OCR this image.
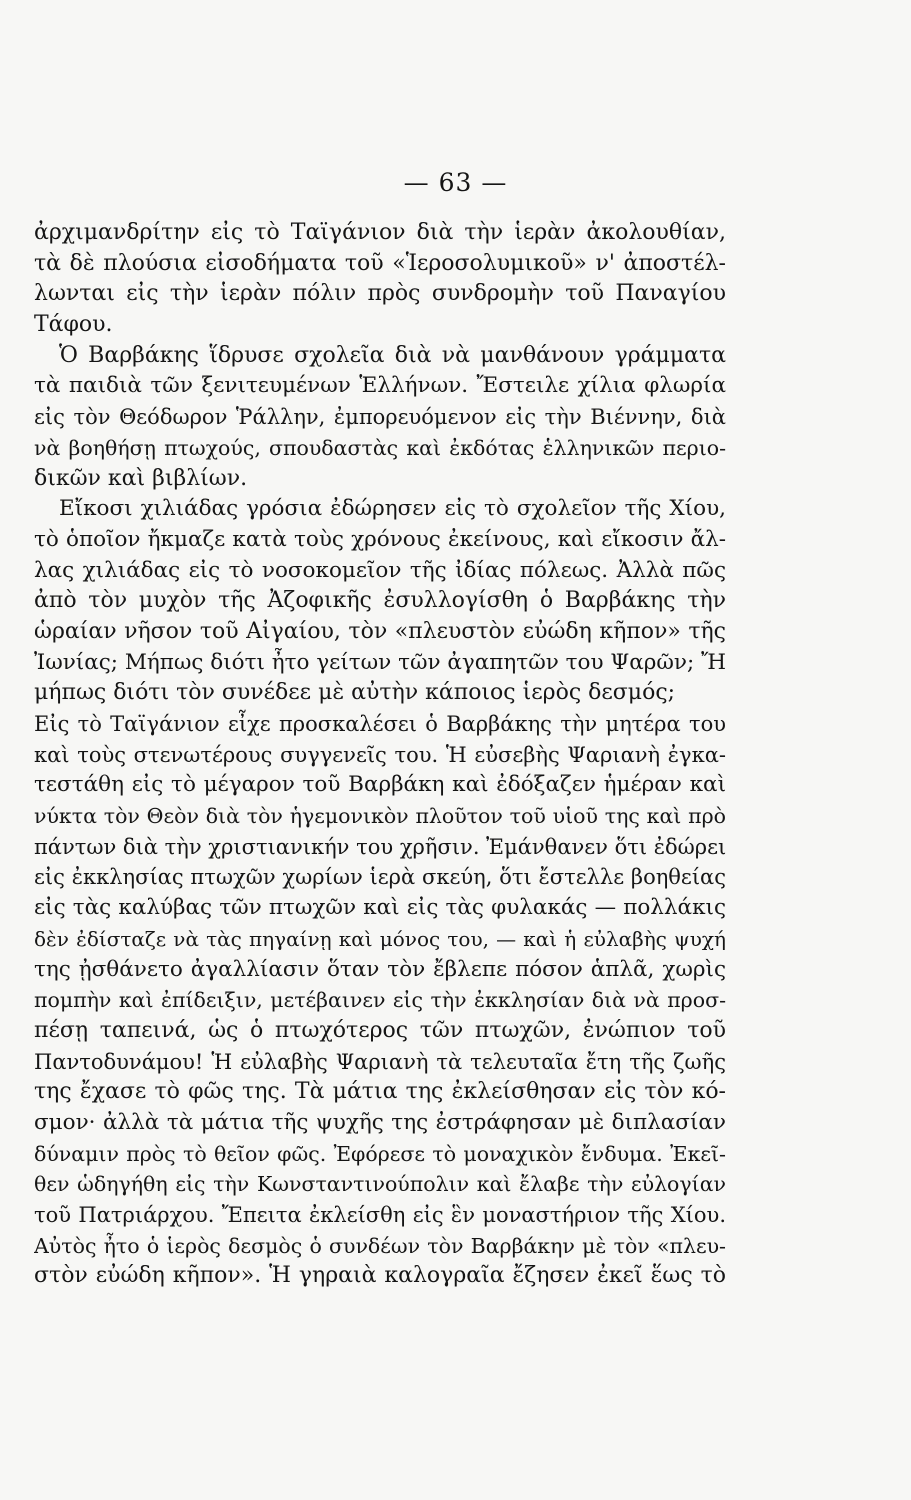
— 63 —
ἀρχιμανδρίτην εἰς τὸ Ταϊγάνιον διὰ τὴν ἱερὰν ἀκολουθίαν,
τὰ δὲ πλούσια εἰσοδήματα τοῦ «Ἱεροσολυμικοῦ» ν' ἀποστέλ-
λωνται εἰς τὴν ἱερὰν πόλιν πρὸς συνδρομὴν τοῦ Παναγίου
Τάφου.
Ὁ Βαρβάκης ἵδρυσε σχολεῖα διὰ νὰ μανθάνουν γράμματα
τὰ παιδιὰ τῶν ξενιτευμένων Ἑλλήνων. Ἔστειλε χίλια φλωρία
εἰς τὸν Θεόδωρον Ῥάλλην, ἐμπορευόμενον εἰς τὴν Βιέννην, διὰ
νὰ βοηθήσῃ πτωχούς, σπουδαστὰς καὶ ἐκδότας ἑλληνικῶν περιο-
δικῶν καὶ βιβλίων.
Εἴκοσι χιλιάδας γρόσια ἐδώρησεν εἰς τὸ σχολεῖον τῆς Χίου,
τὸ ὁποῖον ἤκμαζε κατὰ τοὺς χρόνους ἐκείνους, καὶ εἴκοσιν ἄλ-
λας χιλιάδας εἰς τὸ νοσοκομεῖον τῆς ἰδίας πόλεως. Ἀλλὰ πῶς
ἀπὸ τὸν μυχὸν τῆς Ἀζοφικῆς ἐσυλλογίσθη ὁ Βαρβάκης τὴν
ὡραίαν νῆσον τοῦ Αἰγαίου, τὸν «πλευστὸν εὐώδη κῆπον» τῆς
Ἰωνίας; Μήπως διότι ἦτο γείτων τῶν ἀγαπητῶν του Ψαρῶν; Ἤ
μήπως διότι τὸν συνέδεε μὲ αὐτὴν κάποιος ἱερὸς δεσμός;
Εἰς τὸ Ταϊγάνιον εἶχε προσκαλέσει ὁ Βαρβάκης τὴν μητέρα του
καὶ τοὺς στενωτέρους συγγενεῖς του. Ἡ εὐσεβὴς Ψαριανὴ ἐγκα-
τεστάθη εἰς τὸ μέγαρον τοῦ Βαρβάκη καὶ ἐδόξαζεν ἡμέραν καὶ
νύκτα τὸν Θεὸν διὰ τὸν ἡγεμονικὸν πλοῦτον τοῦ υἱοῦ της καὶ πρὸ
πάντων διὰ τὴν χριστιανικήν του χρῆσιν. Ἐμάνθανεν ὅτι ἐδώρει
εἰς ἐκκλησίας πτωχῶν χωρίων ἱερὰ σκεύη, ὅτι ἔστελλε βοηθείας
εἰς τὰς καλύβας τῶν πτωχῶν καὶ εἰς τὰς φυλακάς — πολλάκις
δὲν ἐδίσταζε νὰ τὰς πηγαίνῃ καὶ μόνος του, — καὶ ἡ εὐλαβὴς ψυχή
της ᾐσθάνετο ἀγαλλίασιν ὅταν τὸν ἔβλεπε πόσον ἁπλᾶ, χωρὶς
πομπὴν καὶ ἐπίδειξιν, μετέβαινεν εἰς τὴν ἐκκλησίαν διὰ νὰ προσ-
πέσῃ ταπεινά, ὡς ὁ πτωχότερος τῶν πτωχῶν, ἐνώπιον τοῦ
Παντοδυνάμου! Ἡ εὐλαβὴς Ψαριανὴ τὰ τελευταῖα ἔτη τῆς ζωῆς
της ἔχασε τὸ φῶς της. Τὰ μάτια της ἐκλείσθησαν εἰς τὸν κό-
σμον· ἀλλὰ τὰ μάτια τῆς ψυχῆς της ἐστράφησαν μὲ διπλασίαν
δύναμιν πρὸς τὸ θεῖον φῶς. Ἐφόρεσε τὸ μοναχικὸν ἔνδυμα. Ἐκεῖ-
θεν ὡδηγήθη εἰς τὴν Κωνσταντινούπολιν καὶ ἔλαβε τὴν εὐλογίαν
τοῦ Πατριάρχου. Ἔπειτα ἐκλείσθη εἰς ἓν μοναστήριον τῆς Χίου.
Αὐτὸς ἦτο ὁ ἱερὸς δεσμὸς ὁ συνδέων τὸν Βαρβάκην μὲ τὸν «πλευ-
στὸν εὐώδη κῆπον». Ἡ γηραιὰ καλογραῖα ἔζησεν ἐκεῖ ἕως τὸ
